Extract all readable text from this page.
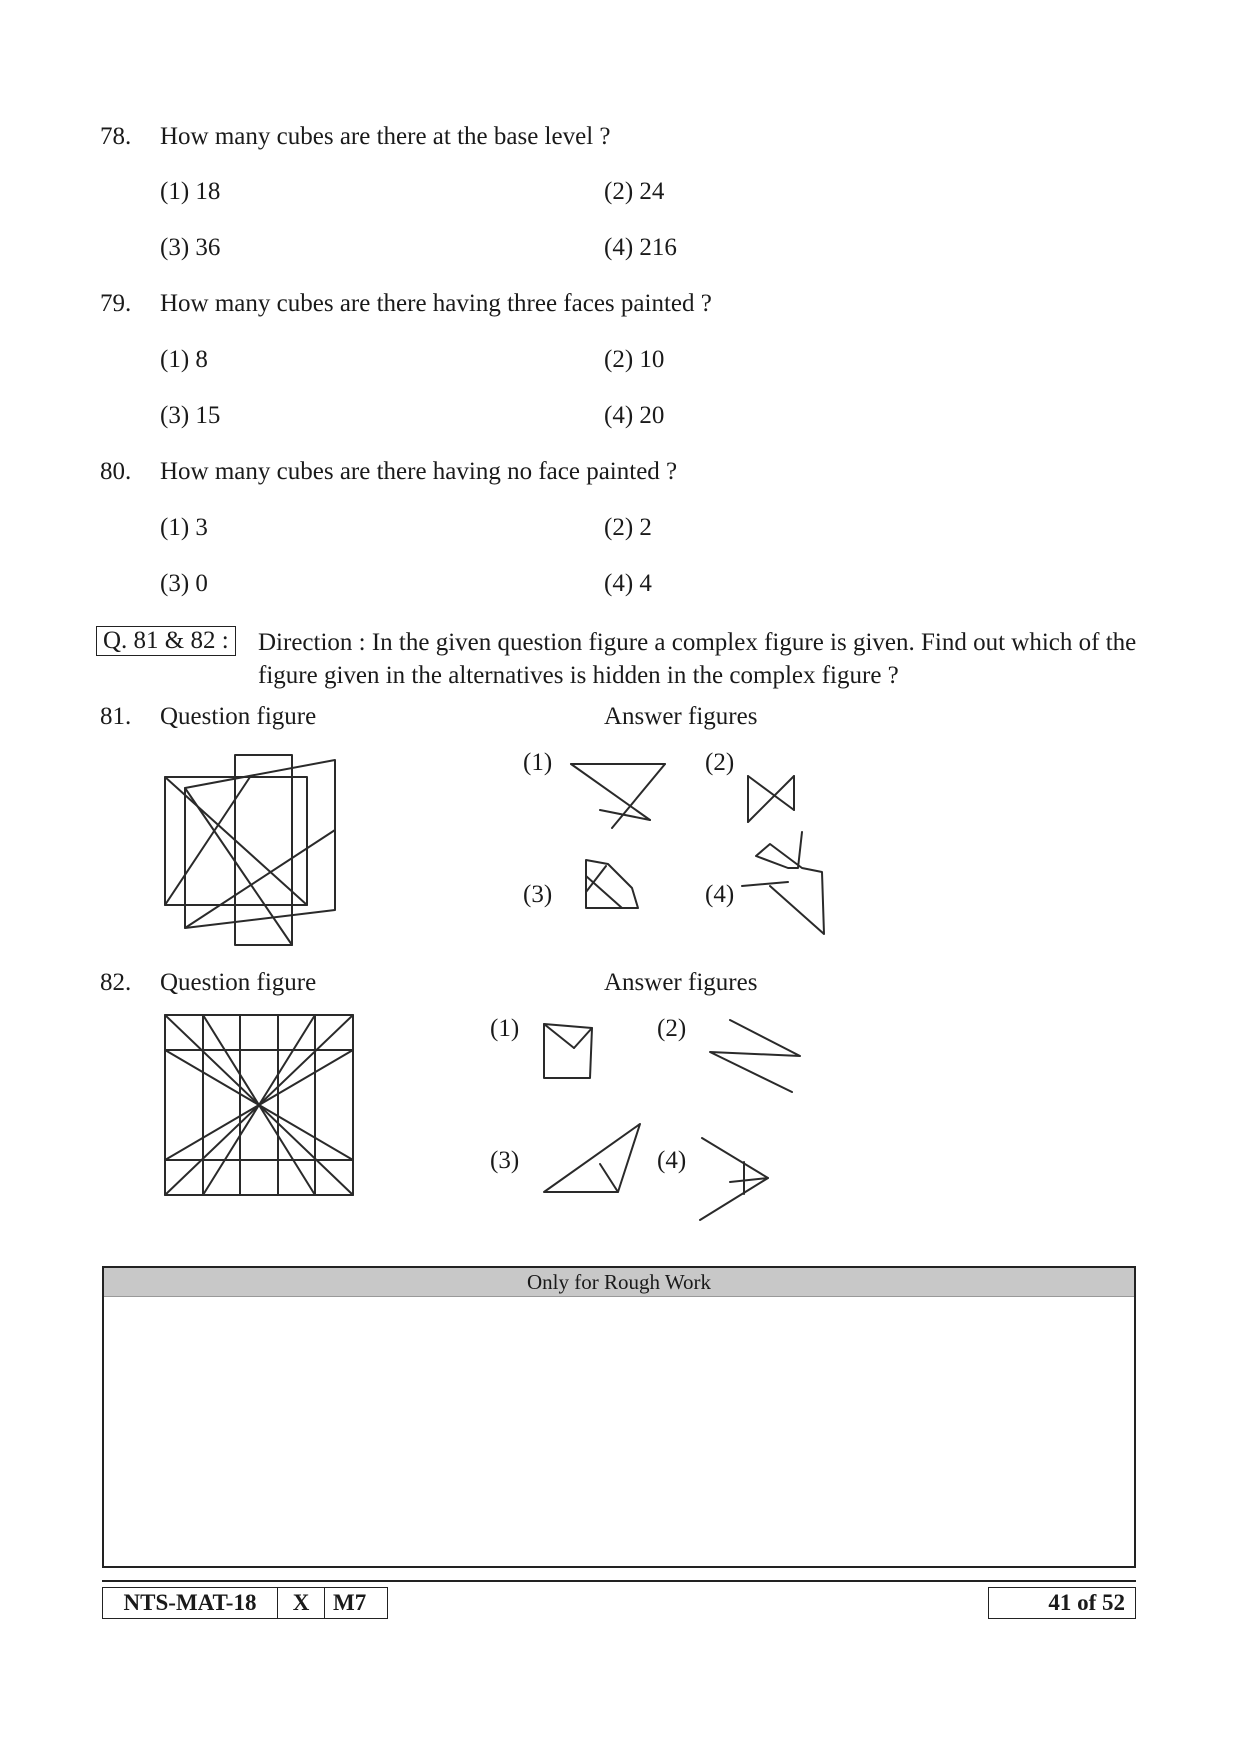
78. How many cubes are there at the base level ?
(1) 18	(2) 24
(3) 36	(4) 216
79. How many cubes are there having three faces painted ?
(1) 8	(2) 10
(3) 15	(4) 20
80. How many cubes are there having no face painted ?
(1) 3	(2) 2
(3) 0	(4) 4
Q. 81 & 82 : Direction : In the given question figure a complex figure is given. Find out which of the figure given in the alternatives is hidden in the complex figure ?
81. Question figure	Answer figures
(1)	(2)
(3)	(4)
82. Question figure	Answer figures
(1)	(2)
(3)	(4)
Only for Rough Work
NTS-MAT-18	X	M7	41 of 52
